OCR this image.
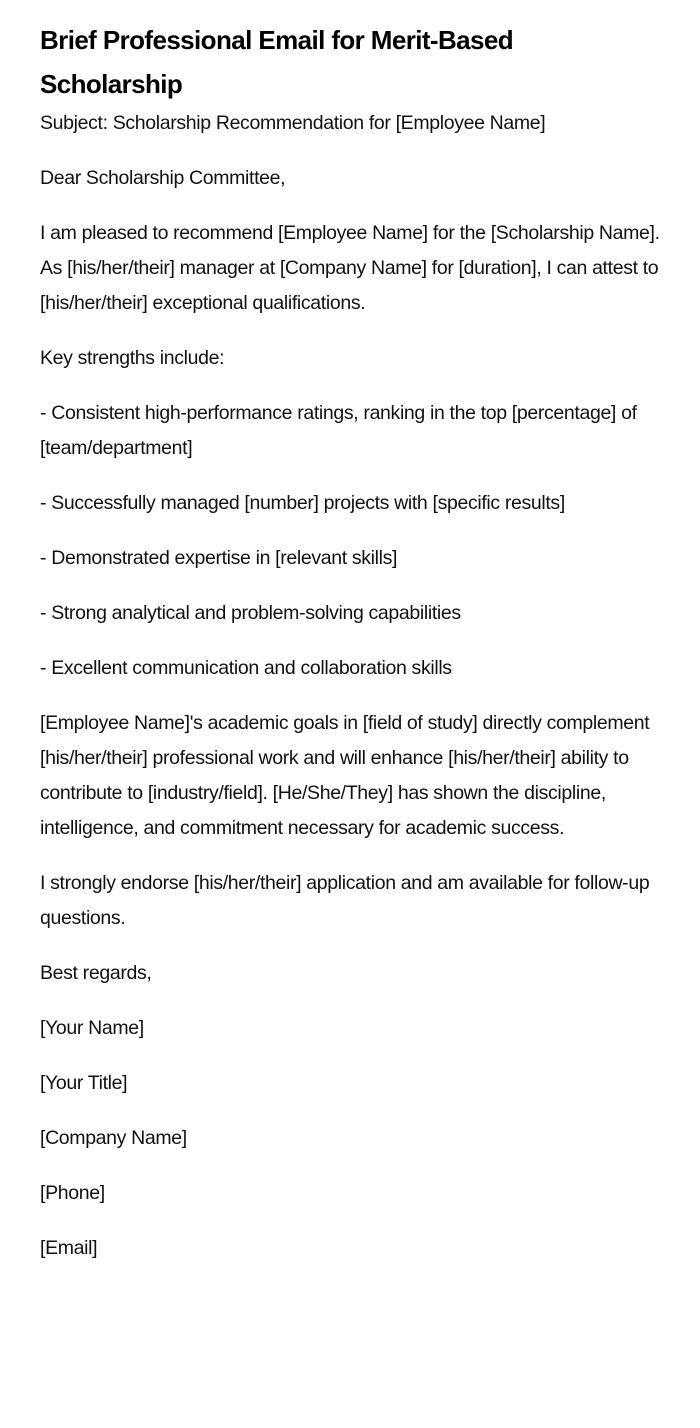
Brief Professional Email for Merit-Based Scholarship

Subject: Scholarship Recommendation for [Employee Name]

Dear Scholarship Committee,

I am pleased to recommend [Employee Name] for the [Scholarship Name]. As [his/her/their] manager at [Company Name] for [duration], I can attest to [his/her/their] exceptional qualifications.

Key strengths include:

- Consistent high-performance ratings, ranking in the top [percentage] of [team/department]

- Successfully managed [number] projects with [specific results]

- Demonstrated expertise in [relevant skills]

- Strong analytical and problem-solving capabilities

- Excellent communication and collaboration skills

[Employee Name]'s academic goals in [field of study] directly complement [his/her/their] professional work and will enhance [his/her/their] ability to contribute to [industry/field]. [He/She/They] has shown the discipline, intelligence, and commitment necessary for academic success.

I strongly endorse [his/her/their] application and am available for follow-up questions.

Best regards,

[Your Name]

[Your Title]

[Company Name]

[Phone]

[Email]
